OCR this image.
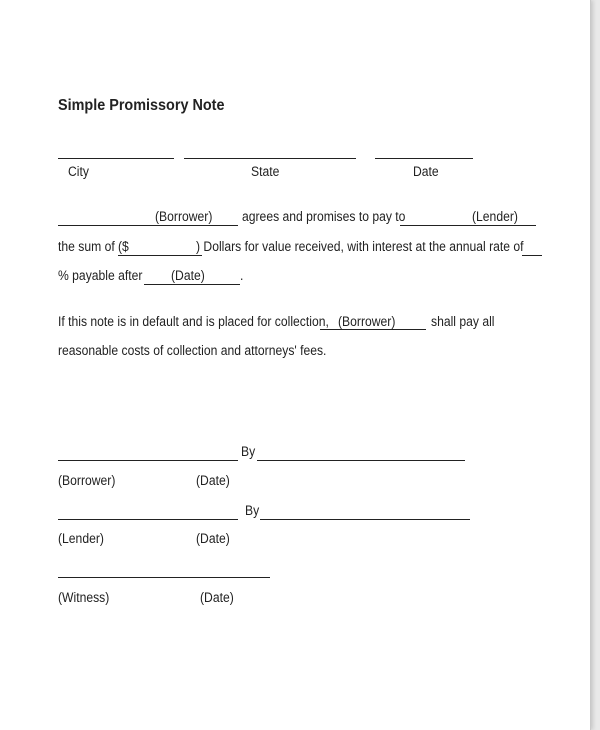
Simple Promissory Note
City	State	Date
(Borrower) agrees and promises to pay to	(Lender)
the sum of ($	) Dollars for value received, with interest at the annual rate of
% payable after (Date)	.
If this note is in default and is placed for collection, (Borrower)	shall pay all
reasonable costs of collection and attorneys' fees.
By
(Borrower)	(Date)
By
(Lender)	(Date)
(Witness)	(Date)
